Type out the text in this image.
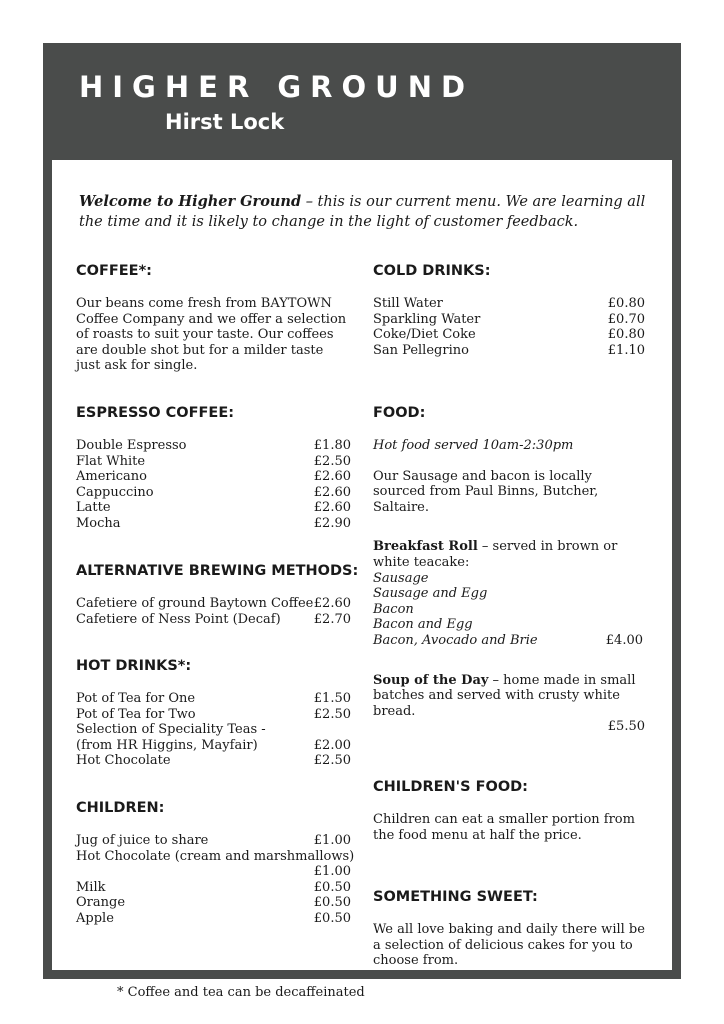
HIGHER GROUND
Hirst Lock
Welcome to Higher Ground – this is our current menu. We are learning all the time and it is likely to change in the light of customer feedback.
COFFEE*:
Our beans come fresh from BAYTOWN Coffee Company and we offer a selection of roasts to suit your taste. Our coffees are double shot but for a milder taste just ask for single.
ESPRESSO COFFEE:
Double Espresso	£1.80
Flat White	£2.50
Americano	£2.60
Cappuccino	£2.60
Latte	£2.60
Mocha	£2.90
ALTERNATIVE BREWING METHODS:
Cafetiere of ground Baytown Coffee £2.60
Cafetiere of Ness Point (Decaf)	£2.70
HOT DRINKS*:
Pot of Tea for One	£1.50
Pot of Tea for Two	£2.50
Selection of Speciality Teas -
(from HR Higgins, Mayfair)	£2.00
Hot Chocolate	£2.50
CHILDREN:
Jug of juice to share	£1.00
Hot Chocolate (cream and marshmallows)
£1.00
Milk	£0.50
Orange	£0.50
Apple	£0.50
* Coffee and tea can be decaffeinated
COLD DRINKS:
Still Water	£0.80
Sparkling Water	£0.70
Coke/Diet Coke	£0.80
San Pellegrino	£1.10
FOOD:
Hot food served 10am-2:30pm
Our Sausage and bacon is locally sourced from Paul Binns, Butcher, Saltaire.
Breakfast Roll – served in brown or white teacake:
Sausage
Sausage and Egg
Bacon
Bacon and Egg
Bacon, Avocado and Brie	£4.00
Soup of the Day – home made in small batches and served with crusty white bread.
£5.50
CHILDREN'S FOOD:
Children can eat a smaller portion from the food menu at half the price.
SOMETHING SWEET:
We all love baking and daily there will be a selection of delicious cakes for you to choose from.
